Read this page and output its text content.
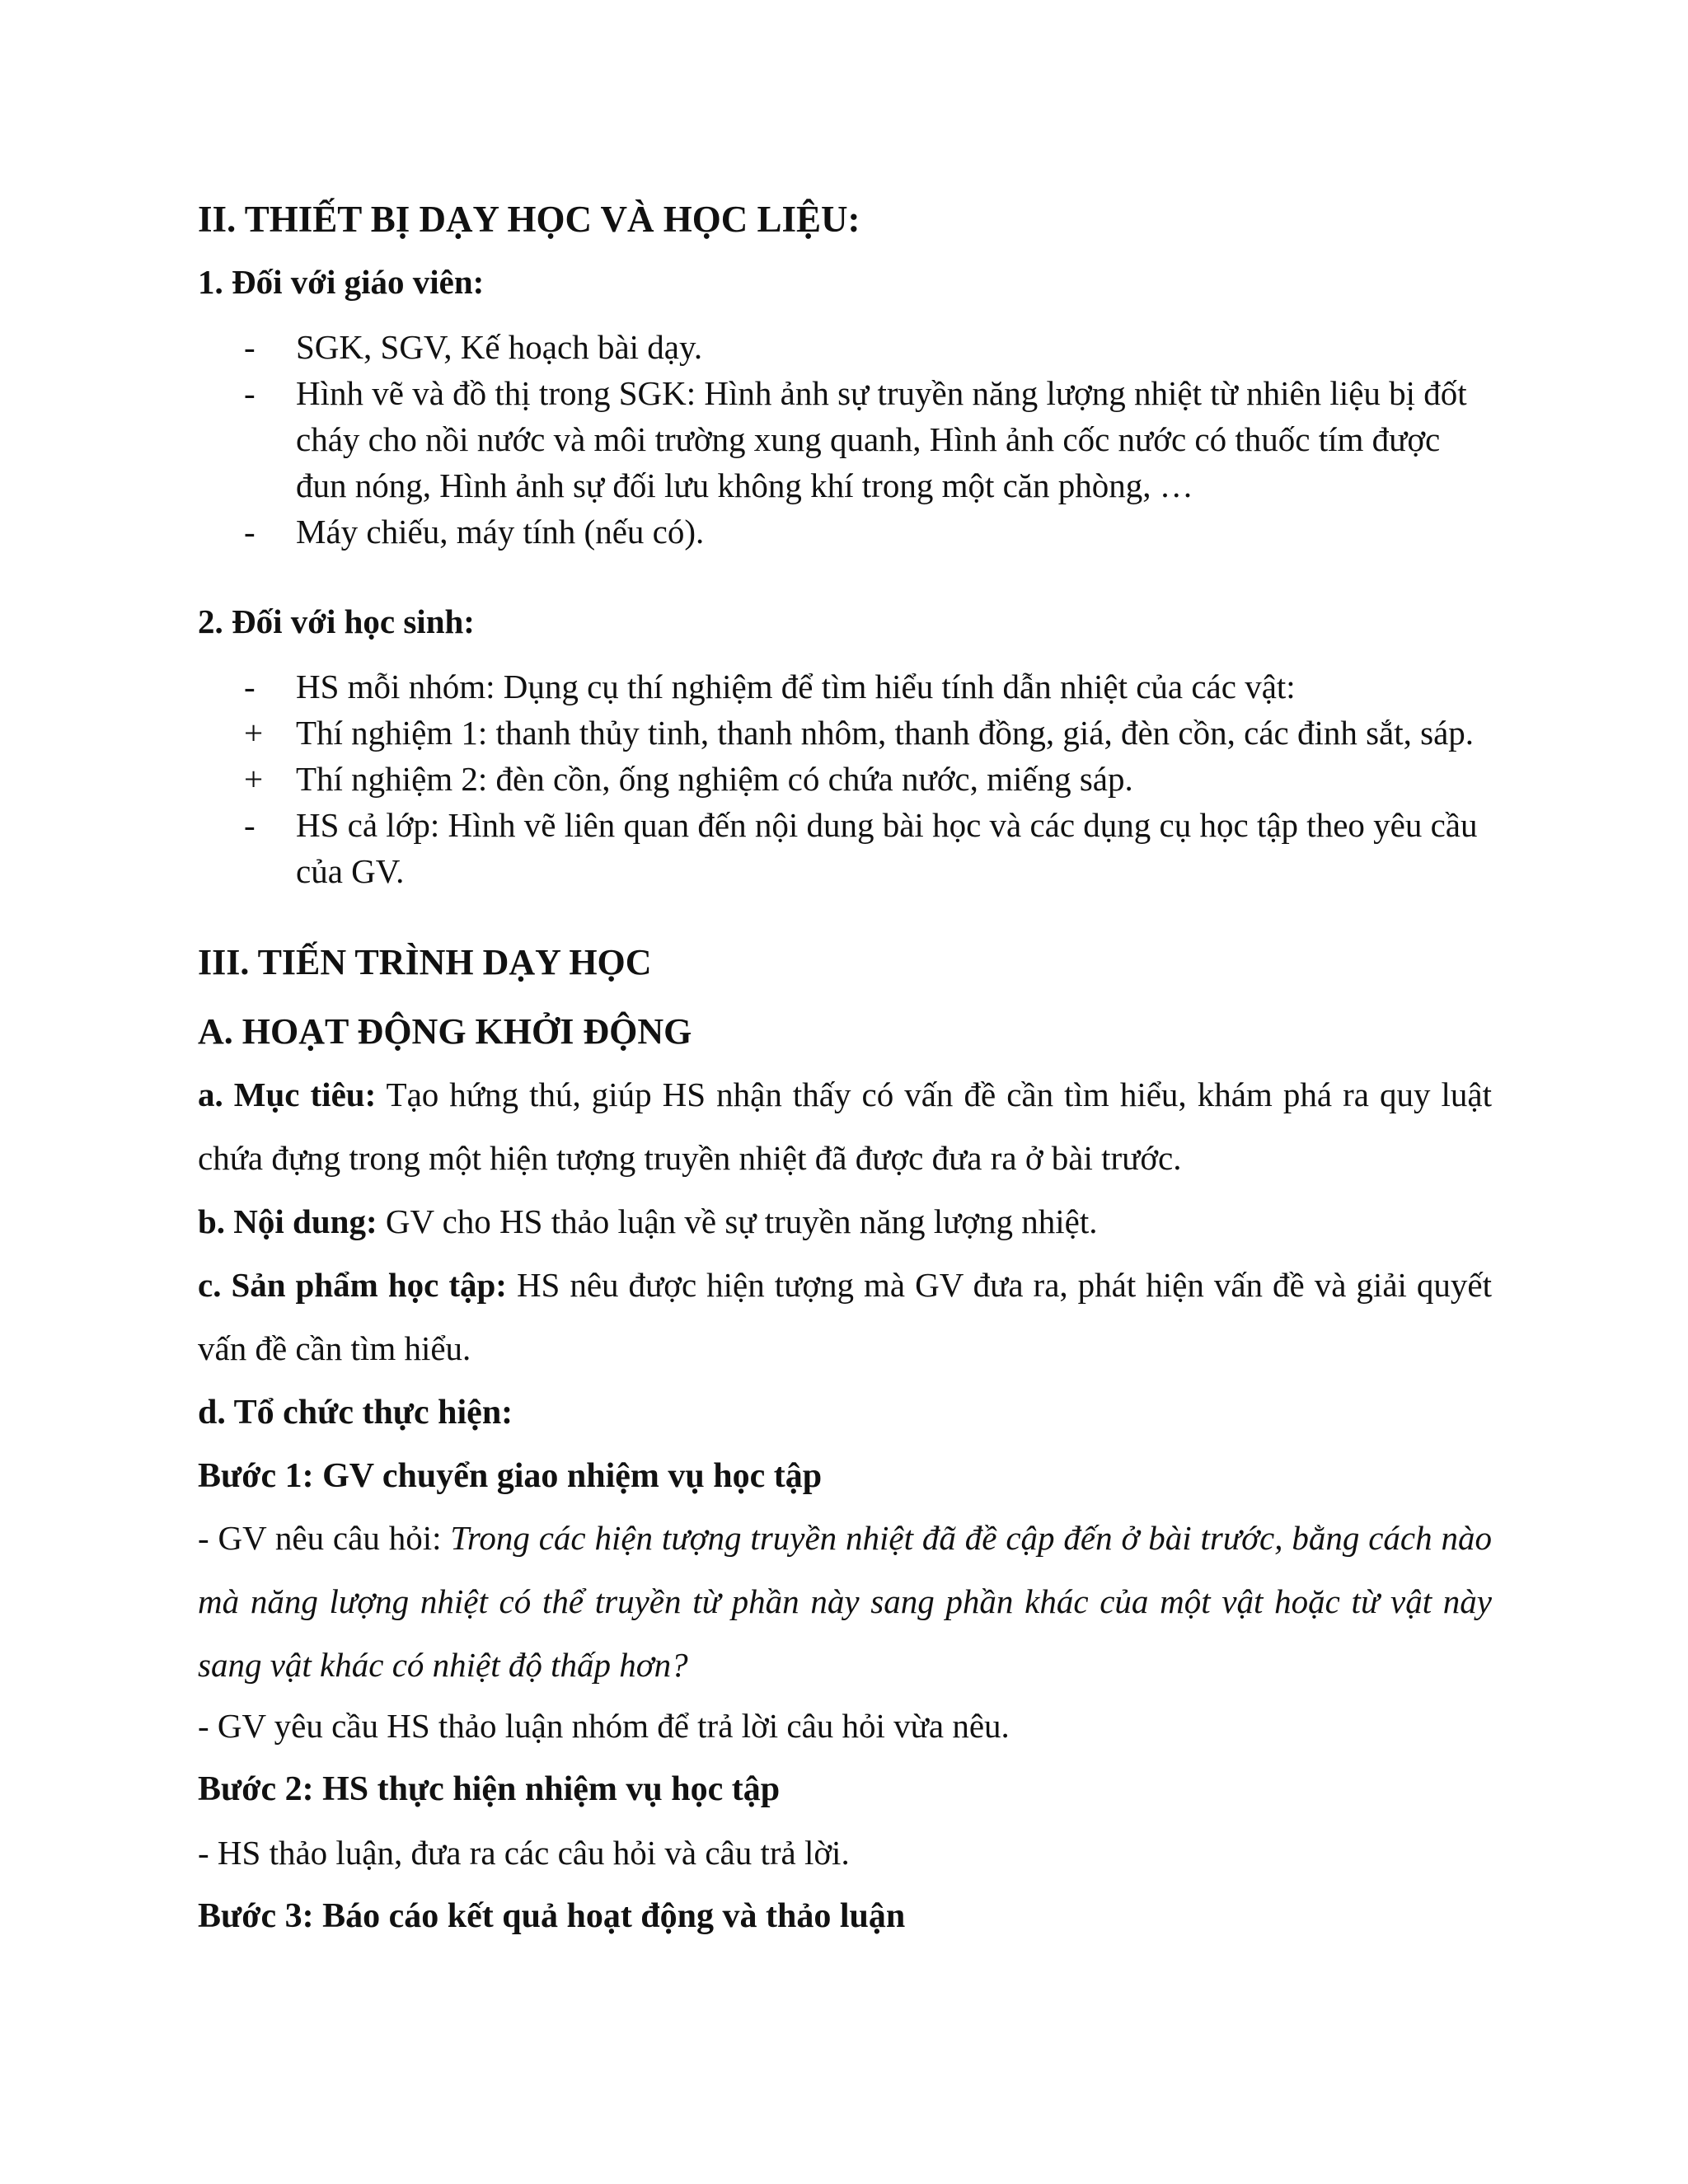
II. THIẾT BỊ DẠY HỌC VÀ HỌC LIỆU:

1. Đối với giáo viên:

-	SGK, SGV, Kế hoạch bài dạy.
-	Hình vẽ và đồ thị trong SGK: Hình ảnh sự truyền năng lượng nhiệt từ nhiên liệu bị đốt cháy cho nồi nước và môi trường xung quanh, Hình ảnh cốc nước có thuốc tím được đun nóng, Hình ảnh sự đối lưu không khí trong một căn phòng, …
-	Máy chiếu, máy tính (nếu có).

2. Đối với học sinh:

-	HS mỗi nhóm: Dụng cụ thí nghiệm để tìm hiểu tính dẫn nhiệt của các vật:
+ Thí nghiệm 1: thanh thủy tinh, thanh nhôm, thanh đồng, giá, đèn cồn, các đinh sắt, sáp.
+ Thí nghiệm 2: đèn cồn, ống nghiệm có chứa nước, miếng sáp.
-	HS cả lớp: Hình vẽ liên quan đến nội dung bài học và các dụng cụ học tập theo yêu cầu của GV.

III. TIẾN TRÌNH DẠY HỌC

A. HOẠT ĐỘNG KHỞI ĐỘNG

a. Mục tiêu: Tạo hứng thú, giúp HS nhận thấy có vấn đề cần tìm hiểu, khám phá ra quy luật chứa đựng trong một hiện tượng truyền nhiệt đã được đưa ra ở bài trước.

b. Nội dung: GV cho HS thảo luận về sự truyền năng lượng nhiệt.

c. Sản phẩm học tập: HS nêu được hiện tượng mà GV đưa ra, phát hiện vấn đề và giải quyết vấn đề cần tìm hiểu.

d. Tổ chức thực hiện:

Bước 1: GV chuyển giao nhiệm vụ học tập

- GV nêu câu hỏi: Trong các hiện tượng truyền nhiệt đã đề cập đến ở bài trước, bằng cách nào mà năng lượng nhiệt có thể truyền từ phần này sang phần khác của một vật hoặc từ vật này sang vật khác có nhiệt độ thấp hơn?

- GV yêu cầu HS thảo luận nhóm để trả lời câu hỏi vừa nêu.

Bước 2: HS thực hiện nhiệm vụ học tập

- HS thảo luận, đưa ra các câu hỏi và câu trả lời.

Bước 3: Báo cáo kết quả hoạt động và thảo luận
